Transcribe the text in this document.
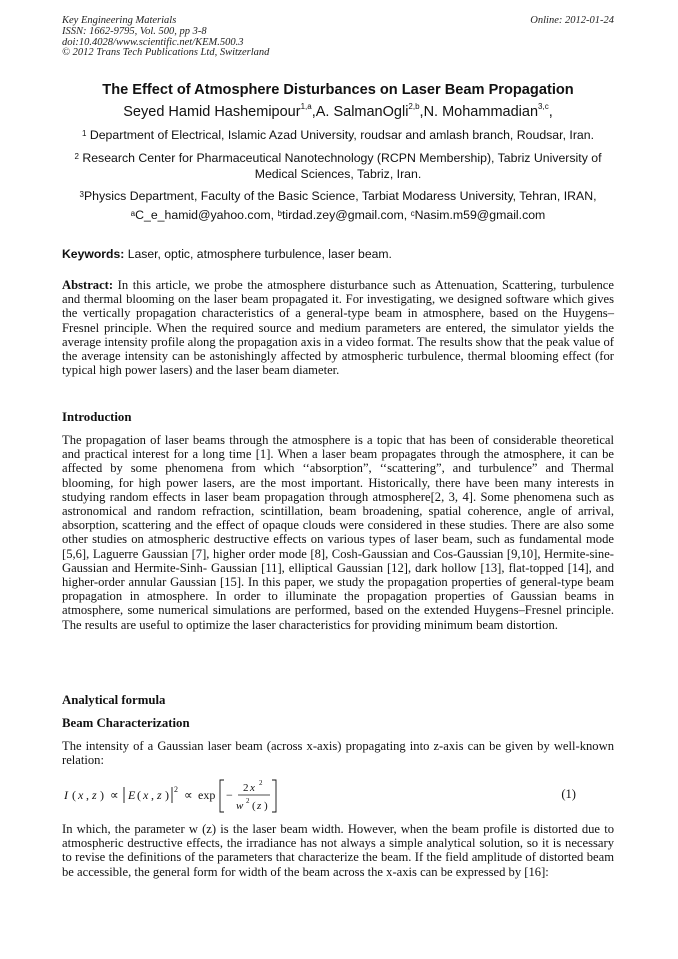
Key Engineering Materials
ISSN: 1662-9795, Vol. 500, pp 3-8
doi:10.4028/www.scientific.net/KEM.500.3
© 2012 Trans Tech Publications Ltd, Switzerland
Online: 2012-01-24
The Effect of Atmosphere Disturbances on Laser Beam Propagation
Seyed Hamid Hashemipour$^{1,a}$,A. SalmanOgli$^{2,b}$,N. Mohammadian$^{3,c}$,
$^1$ Department of Electrical, Islamic Azad University, roudsar and amlash branch, Roudsar, Iran.
$^2$ Research Center for Pharmaceutical Nanotechnology (RCPN Membership), Tabriz University of Medical Sciences, Tabriz, Iran.
$^3$Physics Department, Faculty of the Basic Science, Tarbiat Modaress University, Tehran, IRAN,
$^a$C_e_hamid@yahoo.com, $^b$tirdad.zey@gmail.com, $^c$Nasim.m59@gmail.com
Keywords: Laser, optic, atmosphere turbulence, laser beam.
Abstract: In this article, we probe the atmosphere disturbance such as Attenuation, Scattering, turbulence and thermal blooming on the laser beam propagated it. For investigating, we designed software which gives the vertically propagation characteristics of a general-type beam in atmosphere, based on the Huygens–Fresnel principle. When the required source and medium parameters are entered, the simulator yields the average intensity profile along the propagation axis in a video format. The results show that the peak value of the average intensity can be astonishingly affected by atmospheric turbulence, thermal blooming effect (for typical high power lasers) and the laser beam diameter.
Introduction
The propagation of laser beams through the atmosphere is a topic that has been of considerable theoretical and practical interest for a long time [1]. When a laser beam propagates through the atmosphere, it can be affected by some phenomena from which ‘‘absorption”, ‘‘scattering”, and turbulence” and Thermal blooming, for high power lasers, are the most important. Historically, there have been many interests in studying random effects in laser beam propagation through atmosphere[2, 3, 4]. Some phenomena such as astronomical and random refraction, scintillation, beam broadening, spatial coherence, angle of arrival, absorption, scattering and the effect of opaque clouds were considered in these studies. There are also some other studies on atmospheric destructive effects on various types of laser beam, such as fundamental mode [5,6], Laguerre Gaussian [7], higher order mode [8], Cosh-Gaussian and Cos-Gaussian [9,10], Hermite-sine-Gaussian and Hermite-Sinh- Gaussian [11], elliptical Gaussian [12], dark hollow [13], flat-topped [14], and higher-order annular Gaussian [15]. In this paper, we study the propagation properties of general-type beam propagation in atmosphere. In order to illuminate the propagation properties of Gaussian beams in atmosphere, some numerical simulations are performed, based on the extended Huygens–Fresnel principle. The results are useful to optimize the laser characteristics for providing minimum beam distortion.
Analytical formula
Beam Characterization
The intensity of a Gaussian laser beam (across x-axis) propagating into z-axis can be given by well-known relation:
I ( x , z ) ∝ E ( x , z ) 2 ∝ exp − 2 x 2
w 2 ( z )
(1)
In which, the parameter w (z) is the laser beam width. However, when the beam profile is distorted due to atmospheric destructive effects, the irradiance has not always a simple analytical solution, so it is necessary to revise the definitions of the parameters that characterize the beam. If the field amplitude of distorted beam be accessible, the general form for width of the beam across the x-axis can be expressed by [16]:
